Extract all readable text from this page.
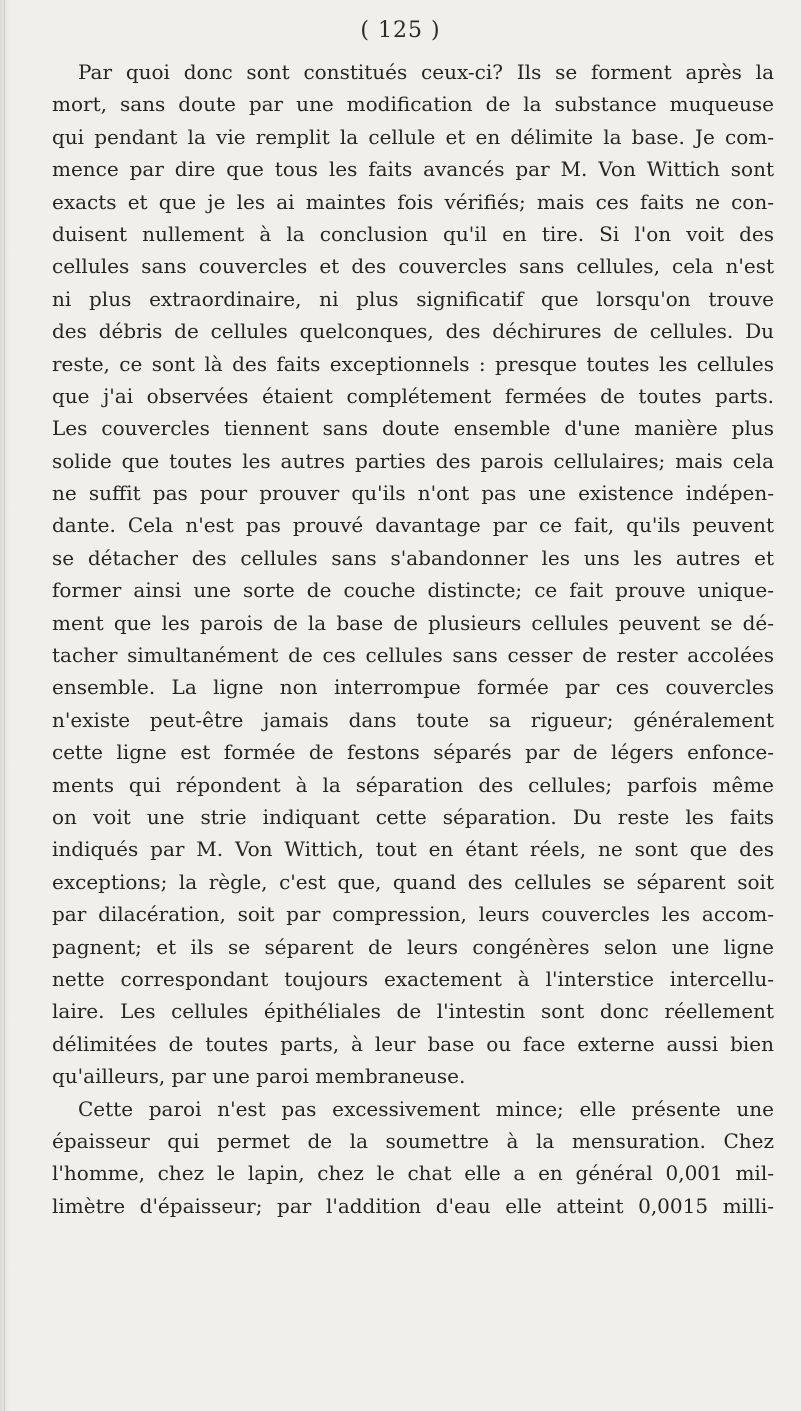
( 125 )
Par quoi donc sont constitués ceux-ci? Ils se forment après la
mort, sans doute par une modification de la substance muqueuse
qui pendant la vie remplit la cellule et en délimite la base. Je com-
mence par dire que tous les faits avancés par M. Von Wittich sont
exacts et que je les ai maintes fois vérifiés; mais ces faits ne con-
duisent nullement à la conclusion qu'il en tire. Si l'on voit des
cellules sans couvercles et des couvercles sans cellules, cela n'est
ni plus extraordinaire, ni plus significatif que lorsqu'on trouve
des débris de cellules quelconques, des déchirures de cellules. Du
reste, ce sont là des faits exceptionnels : presque toutes les cellules
que j'ai observées étaient complétement fermées de toutes parts.
Les couvercles tiennent sans doute ensemble d'une manière plus
solide que toutes les autres parties des parois cellulaires; mais cela
ne suffit pas pour prouver qu'ils n'ont pas une existence indépen-
dante. Cela n'est pas prouvé davantage par ce fait, qu'ils peuvent
se détacher des cellules sans s'abandonner les uns les autres et
former ainsi une sorte de couche distincte; ce fait prouve unique-
ment que les parois de la base de plusieurs cellules peuvent se dé-
tacher simultanément de ces cellules sans cesser de rester accolées
ensemble. La ligne non interrompue formée par ces couvercles
n'existe peut-être jamais dans toute sa rigueur; généralement
cette ligne est formée de festons séparés par de légers enfonce-
ments qui répondent à la séparation des cellules; parfois même
on voit une strie indiquant cette séparation. Du reste les faits
indiqués par M. Von Wittich, tout en étant réels, ne sont que des
exceptions; la règle, c'est que, quand des cellules se séparent soit
par dilacération, soit par compression, leurs couvercles les accom-
pagnent; et ils se séparent de leurs congénères selon une ligne
nette correspondant toujours exactement à l'interstice intercellu-
laire. Les cellules épithéliales de l'intestin sont donc réellement
délimitées de toutes parts, à leur base ou face externe aussi bien
qu'ailleurs, par une paroi membraneuse.
Cette paroi n'est pas excessivement mince; elle présente une
épaisseur qui permet de la soumettre à la mensuration. Chez
l'homme, chez le lapin, chez le chat elle a en général 0,001 mil-
limètre d'épaisseur; par l'addition d'eau elle atteint 0,0015 milli-
